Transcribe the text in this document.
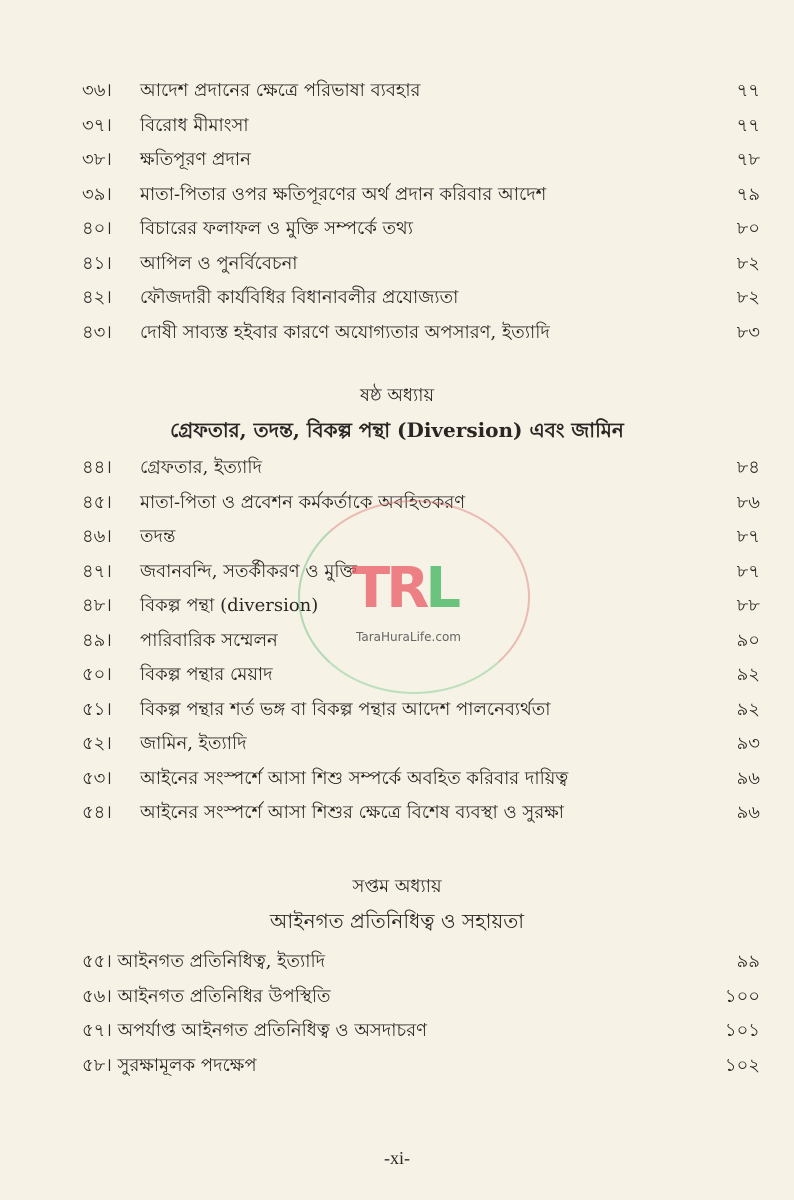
৩৬। আদেশ প্রদানের ক্ষেত্রে পরিভাষা ব্যবহার	৭৭
৩৭। বিরোধ মীমাংসা	৭৭
৩৮। ক্ষতিপূরণ প্রদান	৭৮
৩৯। মাতা-পিতার ওপর ক্ষতিপূরণের অর্থ প্রদান করিবার আদেশ	৭৯
৪০। বিচারের ফলাফল ও মুক্তি সম্পর্কে তথ্য	৮০
৪১। আপিল ও পুনর্বিবেচনা	৮২
৪২। ফৌজদারী কার্যবিধির বিধানাবলীর প্রযোজ্যতা	৮২
৪৩। দোষী সাব্যস্ত হইবার কারণে অযোগ্যতার অপসারণ, ইত্যাদি	৮৩
ষষ্ঠ অধ্যায়
গ্রেফতার, তদন্ত, বিকল্প পন্থা (Diversion) এবং জামিন
৪৪। গ্রেফতার, ইত্যাদি	৮৪
৪৫। মাতা-পিতা ও প্রবেশন কর্মকর্তাকে অবহিতকরণ	৮৬
৪৬। তদন্ত	৮৭
৪৭। জবানবন্দি, সতর্কীকরণ ও মুক্তি	৮৭
৪৮। বিকল্প পন্থা (diversion)	৮৮
৪৯। পারিবারিক সম্মেলন	৯০
৫০। বিকল্প পন্থার মেয়াদ	৯২
৫১। বিকল্প পন্থার শর্ত ভঙ্গ বা বিকল্প পন্থার আদেশ পালনেব্যর্থতা	৯২
৫২। জামিন, ইত্যাদি	৯৩
৫৩। আইনের সংস্পর্শে আসা শিশু সম্পর্কে অবহিত করিবার দায়িত্ব	৯৬
৫৪। আইনের সংস্পর্শে আসা শিশুর ক্ষেত্রে বিশেষ ব্যবস্থা ও সুরক্ষা	৯৬
সপ্তম অধ্যায়
আইনগত প্রতিনিধিত্ব ও সহায়তা
৫৫। আইনগত প্রতিনিধিত্ব, ইত্যাদি	৯৯
৫৬। আইনগত প্রতিনিধির উপস্থিতি	১০০
৫৭। অপর্যাপ্ত আইনগত প্রতিনিধিত্ব ও অসদাচরণ	১০১
৫৮। সুরক্ষামূলক পদক্ষেপ	১০২
-xi-
TRL
TaraHuraLife.com
